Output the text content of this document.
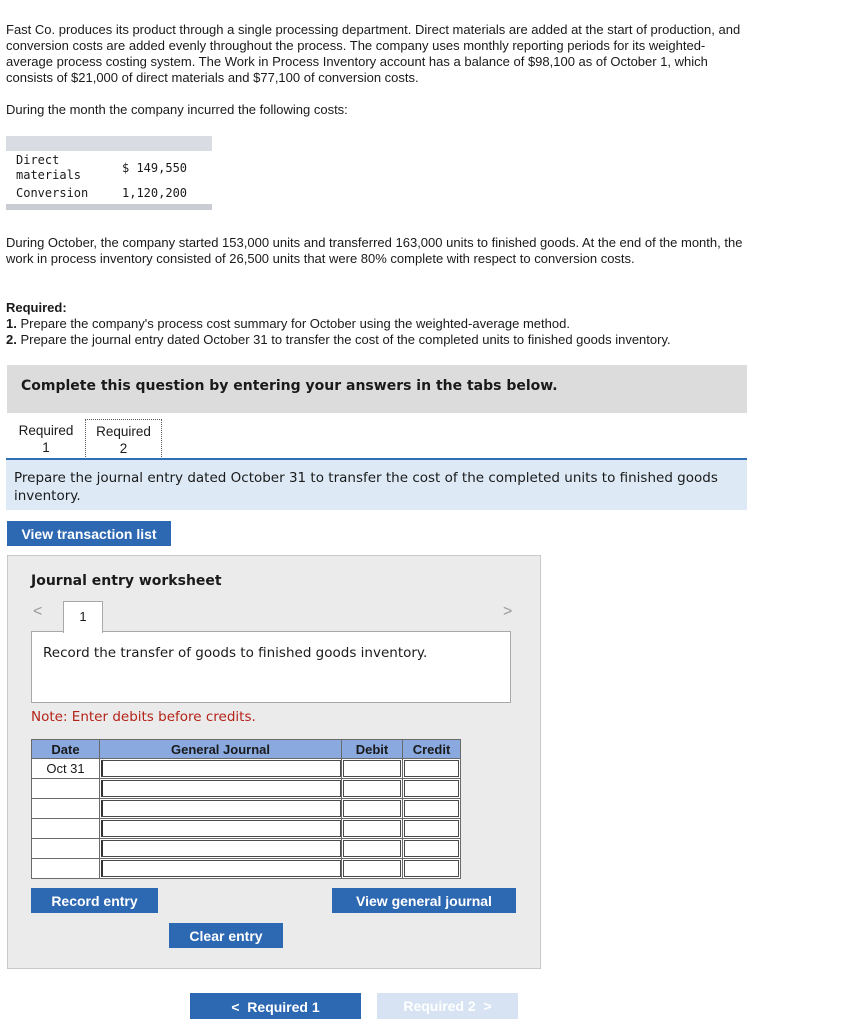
Fast Co. produces its product through a single processing department. Direct materials are added at the start of production, and conversion costs are added evenly throughout the process. The company uses monthly reporting periods for its weighted-average process costing system. The Work in Process Inventory account has a balance of $98,100 as of October 1, which consists of $21,000 of direct materials and $77,100 of conversion costs.

During the month the company incurred the following costs:

Direct materials	$ 149,550
Conversion	1,120,200

During October, the company started 153,000 units and transferred 163,000 units to finished goods. At the end of the month, the work in process inventory consisted of 26,500 units that were 80% complete with respect to conversion costs.

Required:
1. Prepare the company's process cost summary for October using the weighted-average method.
2. Prepare the journal entry dated October 31 to transfer the cost of the completed units to finished goods inventory.
Complete this question by entering your answers in the tabs below.
Required
1
Required
2
Prepare the journal entry dated October 31 to transfer the cost of the completed units to finished goods inventory.
View transaction list
Journal entry worksheet
<	1	>
Record the transfer of goods to finished goods inventory.
Note: Enter debits before credits.
Date	General Journal	Debit	Credit
Oct 31	

Record entry	View general journal
Clear entry
< Required 1	Required 2 >
